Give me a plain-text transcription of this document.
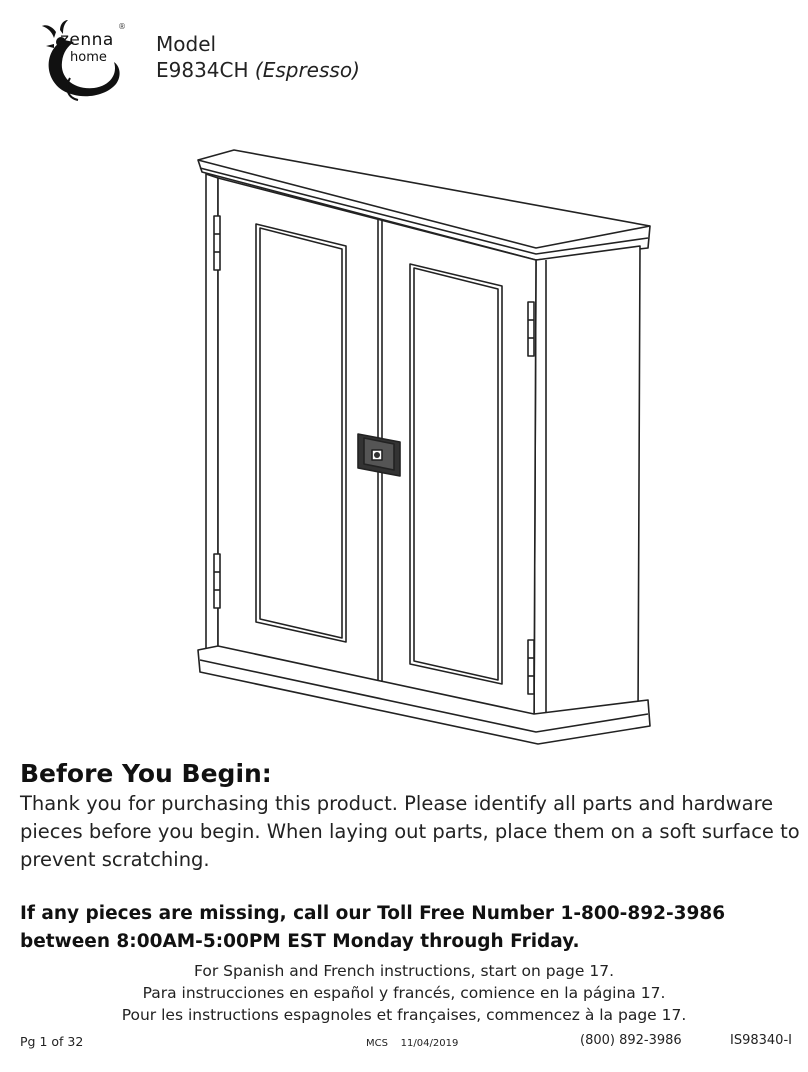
zenna
home
®
Model
E9834CH (Espresso)
Before You Begin:
Thank you for purchasing this product. Please identify all parts and hardware pieces before you begin. When laying out parts, place them on a soft surface to prevent scratching.
If any pieces are missing, call our Toll Free Number 1-800-892-3986 between 8:00AM-5:00PM EST Monday through Friday.
For Spanish and French instructions, start on page 17.
Para instrucciones en español y francés, comience en la página 17.
Pour les instructions espagnoles et françaises, commencez à la page 17.
Pg 1 of 32	MCS    11/04/2019	(800) 892-3986	IS98340-I
